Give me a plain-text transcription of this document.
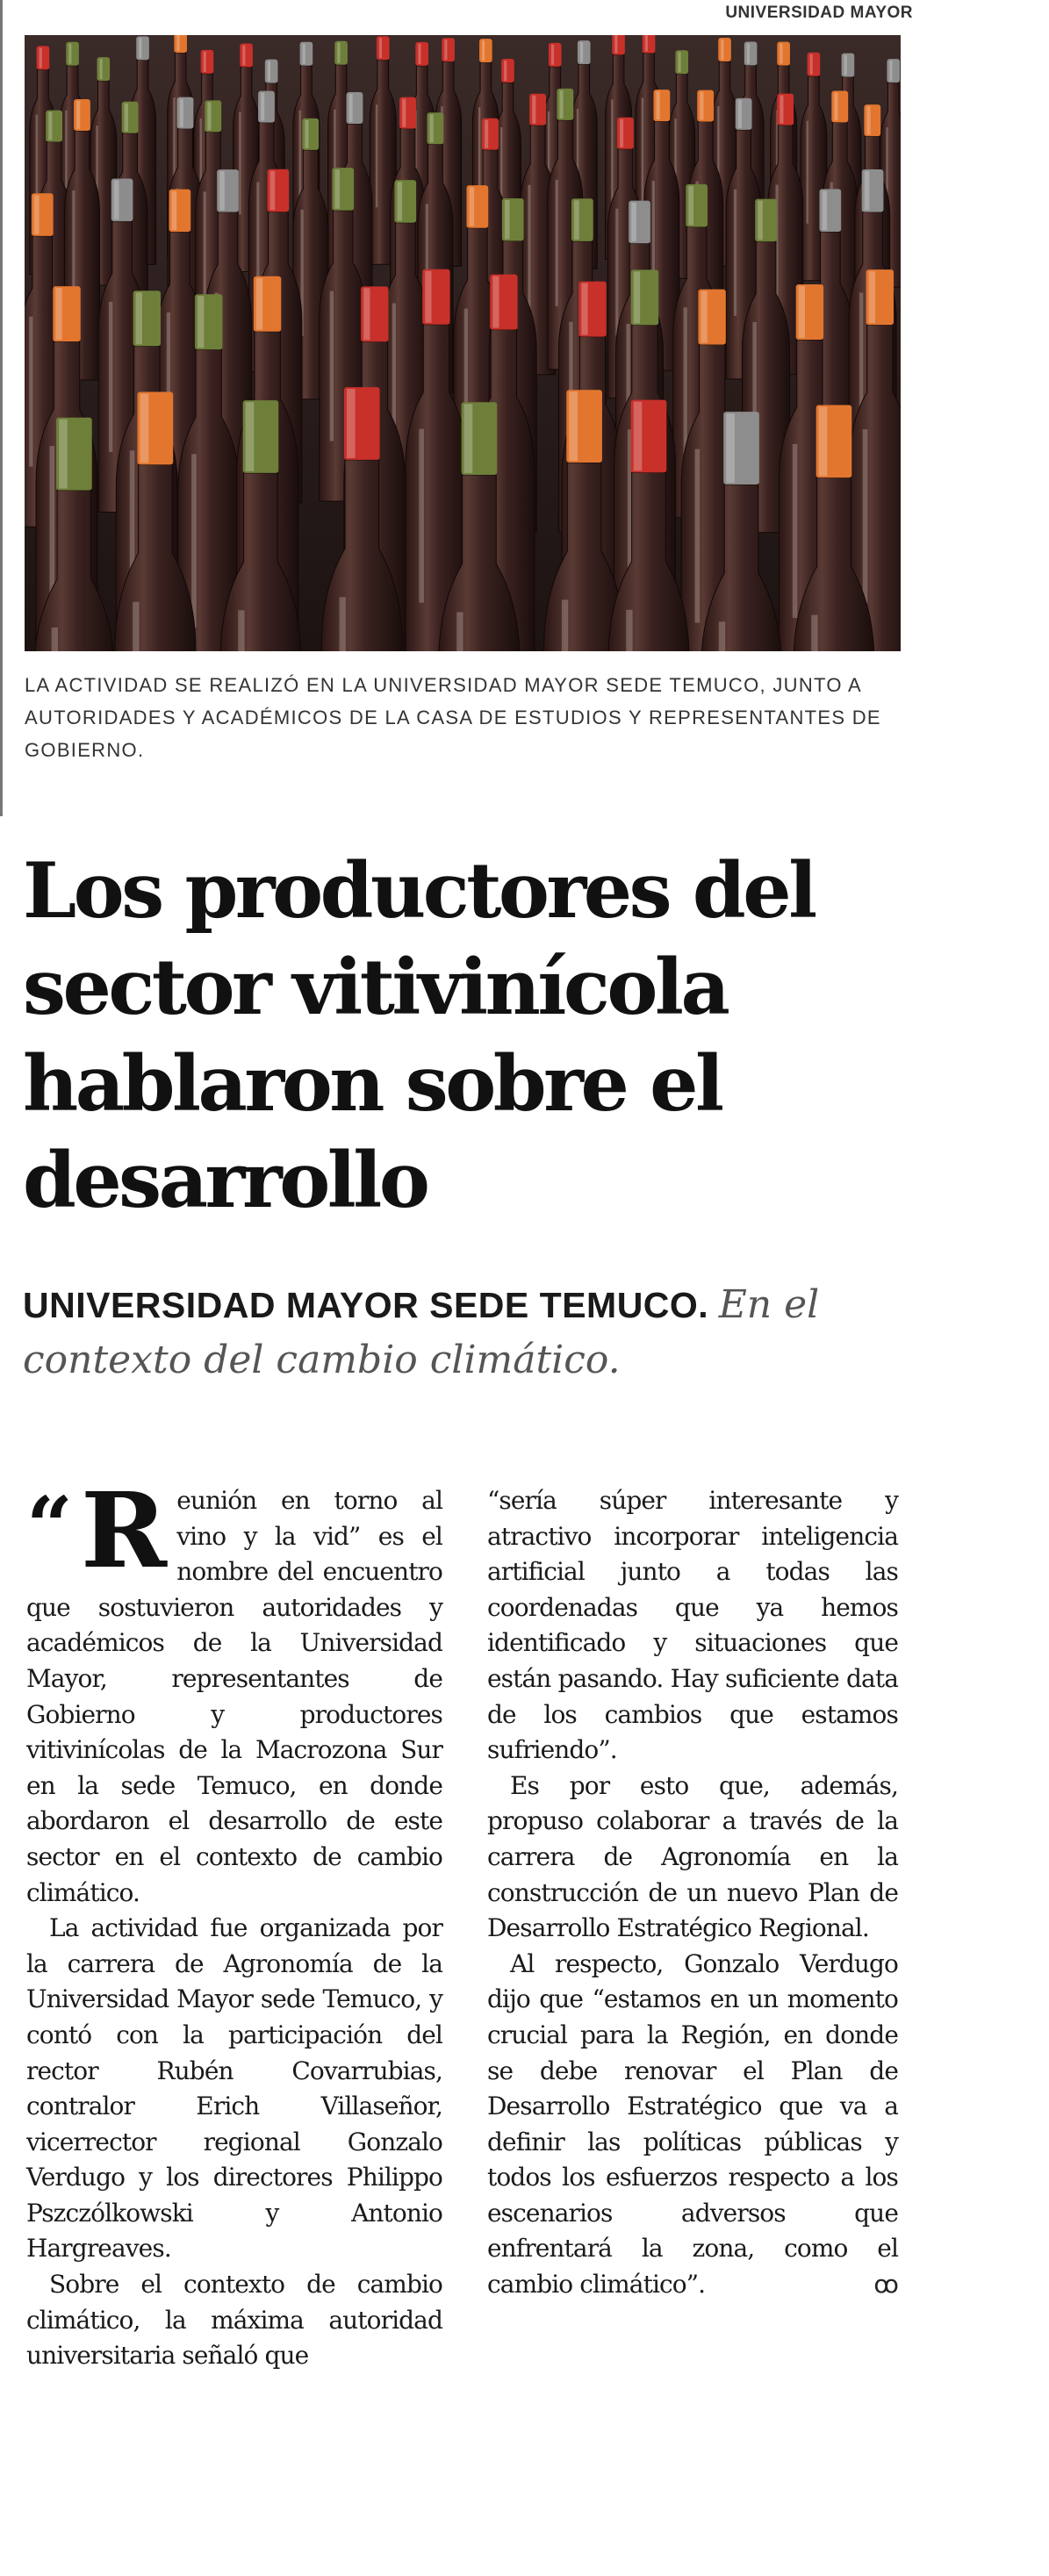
UNIVERSIDAD MAYOR
LA ACTIVIDAD SE REALIZÓ EN LA UNIVERSIDAD MAYOR SEDE TEMUCO, JUNTO A AUTORIDADES Y ACADÉMICOS DE LA CASA DE ESTUDIOS Y REPRESENTANTES DE GOBIERNO.
Los productores del sector vitivinícola hablaron sobre el desarrollo
UNIVERSIDAD MAYOR SEDE TEMUCO. En el contexto del cambio climático.

“ R eunión en torno al vino y la vid” es el nombre del encuentro que sostuvieron autoridades y académicos de la Universidad Mayor, representantes de Gobierno y productores vitivinícolas de la Macrozona Sur en la sede Temuco, en donde abordaron el desarrollo de este sector en el contexto de cambio climático.

La actividad fue organizada por la carrera de Agronomía de la Universidad Mayor sede Temuco, y contó con la participación del rector Rubén Covarrubias, contralor Erich Villaseñor, vicerrector regional Gonzalo Verdugo y los directores Philippo Pszczólkowski y Antonio Hargreaves.

Sobre el contexto de cambio climático, la máxima autoridad universitaria señaló que

“sería súper interesante y atractivo incorporar inteligencia artificial junto a todas las coordenadas que ya hemos identificado y situaciones que están pasando. Hay suficiente data de los cambios que estamos sufriendo”.

Es por esto que, además, propuso colaborar a través de la carrera de Agronomía en la construcción de un nuevo Plan de Desarrollo Estratégico Regional.

Al respecto, Gonzalo Verdugo dijo que “estamos en un momento crucial para la Región, en donde se debe renovar el Plan de Desarrollo Estratégico que va a definir las políticas públicas y todos los esfuerzos respecto a los escenarios adversos que enfrentará la zona, como el cambio climático”.	ꝏ
